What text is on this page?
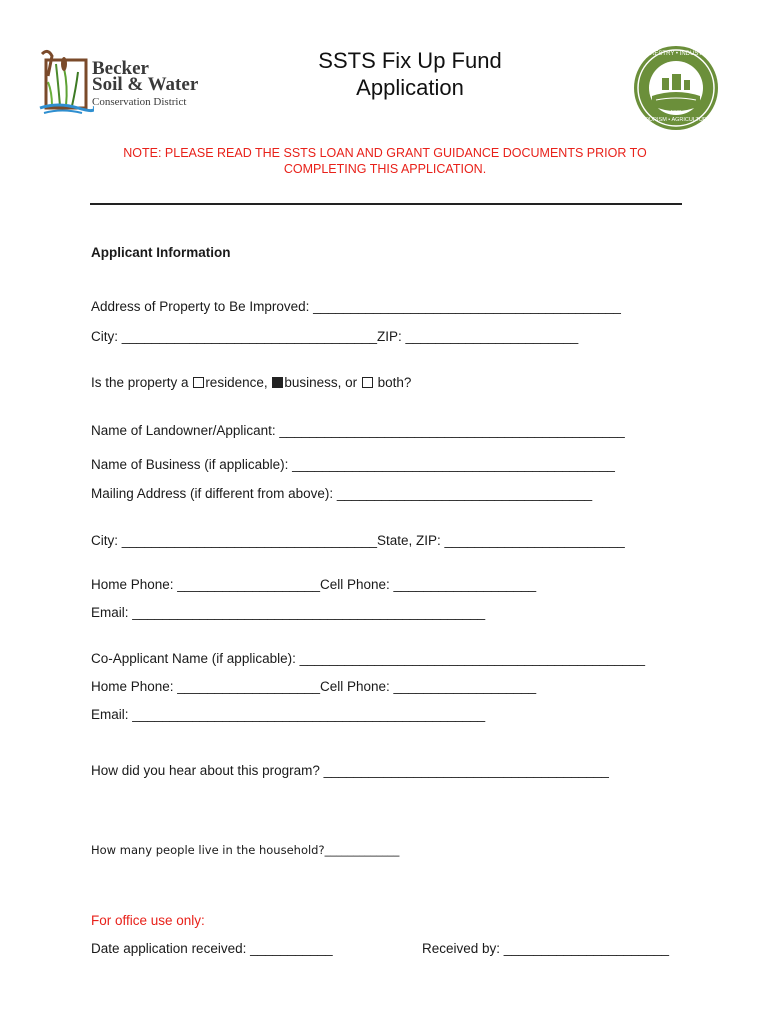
Becker
Soil & Water
Conservation District
SSTS Fix Up Fund
Application
FORESTRY • INDUSTRY
TOURISM • AGRICULTURE
1871
NOTE: PLEASE READ THE SSTS LOAN AND GRANT GUIDANCE DOCUMENTS PRIOR TO
COMPLETING THIS APPLICATION.
Applicant Information
Address of Property to Be Improved: _________________________________________
City: __________________________________ZIP: _______________________
Is the property a residence, business, or  both?
Name of Landowner/Applicant: ______________________________________________
Name of Business (if applicable): ___________________________________________
Mailing Address (if different from above): __________________________________
City: __________________________________State, ZIP: ________________________
Home Phone: ___________________Cell Phone: ___________________
Email: _______________________________________________
Co-Applicant Name (if applicable): ______________________________________________
Home Phone: ___________________Cell Phone: ___________________
Email: _______________________________________________
How did you hear about this program? ______________________________________
How many people live in the household?_____________
For office use only:
Date application received: ___________	Received by: ______________________
